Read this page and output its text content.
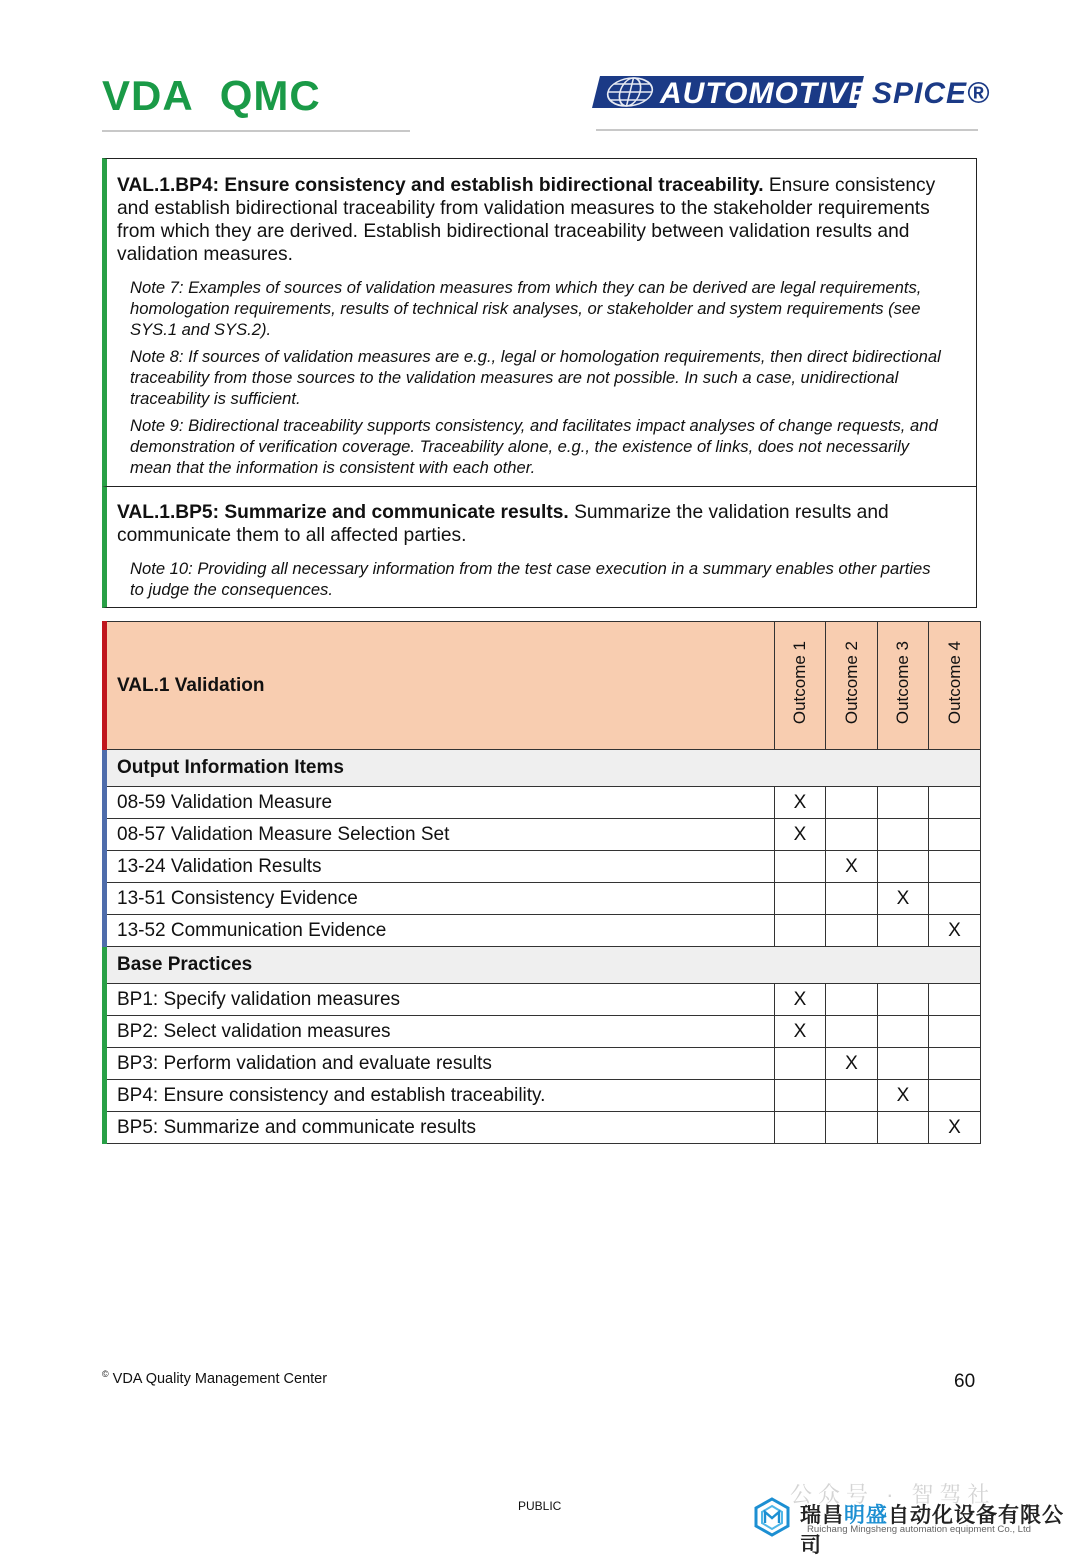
VDA QMC	AUTOMOTIVE SPICE®
VAL.1.BP4: Ensure consistency and establish bidirectional traceability. Ensure consistency and establish bidirectional traceability from validation measures to the stakeholder requirements from which they are derived. Establish bidirectional traceability between validation results and validation measures.
Note 7: Examples of sources of validation measures from which they can be derived are legal requirements, homologation requirements, results of technical risk analyses, or stakeholder and system requirements (see SYS.1 and SYS.2).
Note 8: If sources of validation measures are e.g., legal or homologation requirements, then direct bidirectional traceability from those sources to the validation measures are not possible. In such a case, unidirectional traceability is sufficient.
Note 9: Bidirectional traceability supports consistency, and facilitates impact analyses of change requests, and demonstration of verification coverage. Traceability alone, e.g., the existence of links, does not necessarily mean that the information is consistent with each other.
VAL.1.BP5: Summarize and communicate results. Summarize the validation results and communicate them to all affected parties.
Note 10: Providing all necessary information from the test case execution in a summary enables other parties to judge the consequences.
VAL.1 Validation	Outcome 1	Outcome 2	Outcome 3	Outcome 4
Output Information Items				
08-59 Validation Measure	X			
08-57 Validation Measure Selection Set	X			
13-24 Validation Results		X		
13-51 Consistency Evidence			X	
13-52 Communication Evidence				X
Base Practices				
BP1: Specify validation measures	X			
BP2: Select validation measures	X			
BP3: Perform validation and evaluate results		X		
BP4: Ensure consistency and establish traceability.			X	
BP5: Summarize and communicate results				X
© VDA Quality Management Center	60
PUBLIC	公众号 · 智驾社
瑞昌明盛自动化设备有限公司
Ruichang Mingsheng automation equipment Co., Ltd
